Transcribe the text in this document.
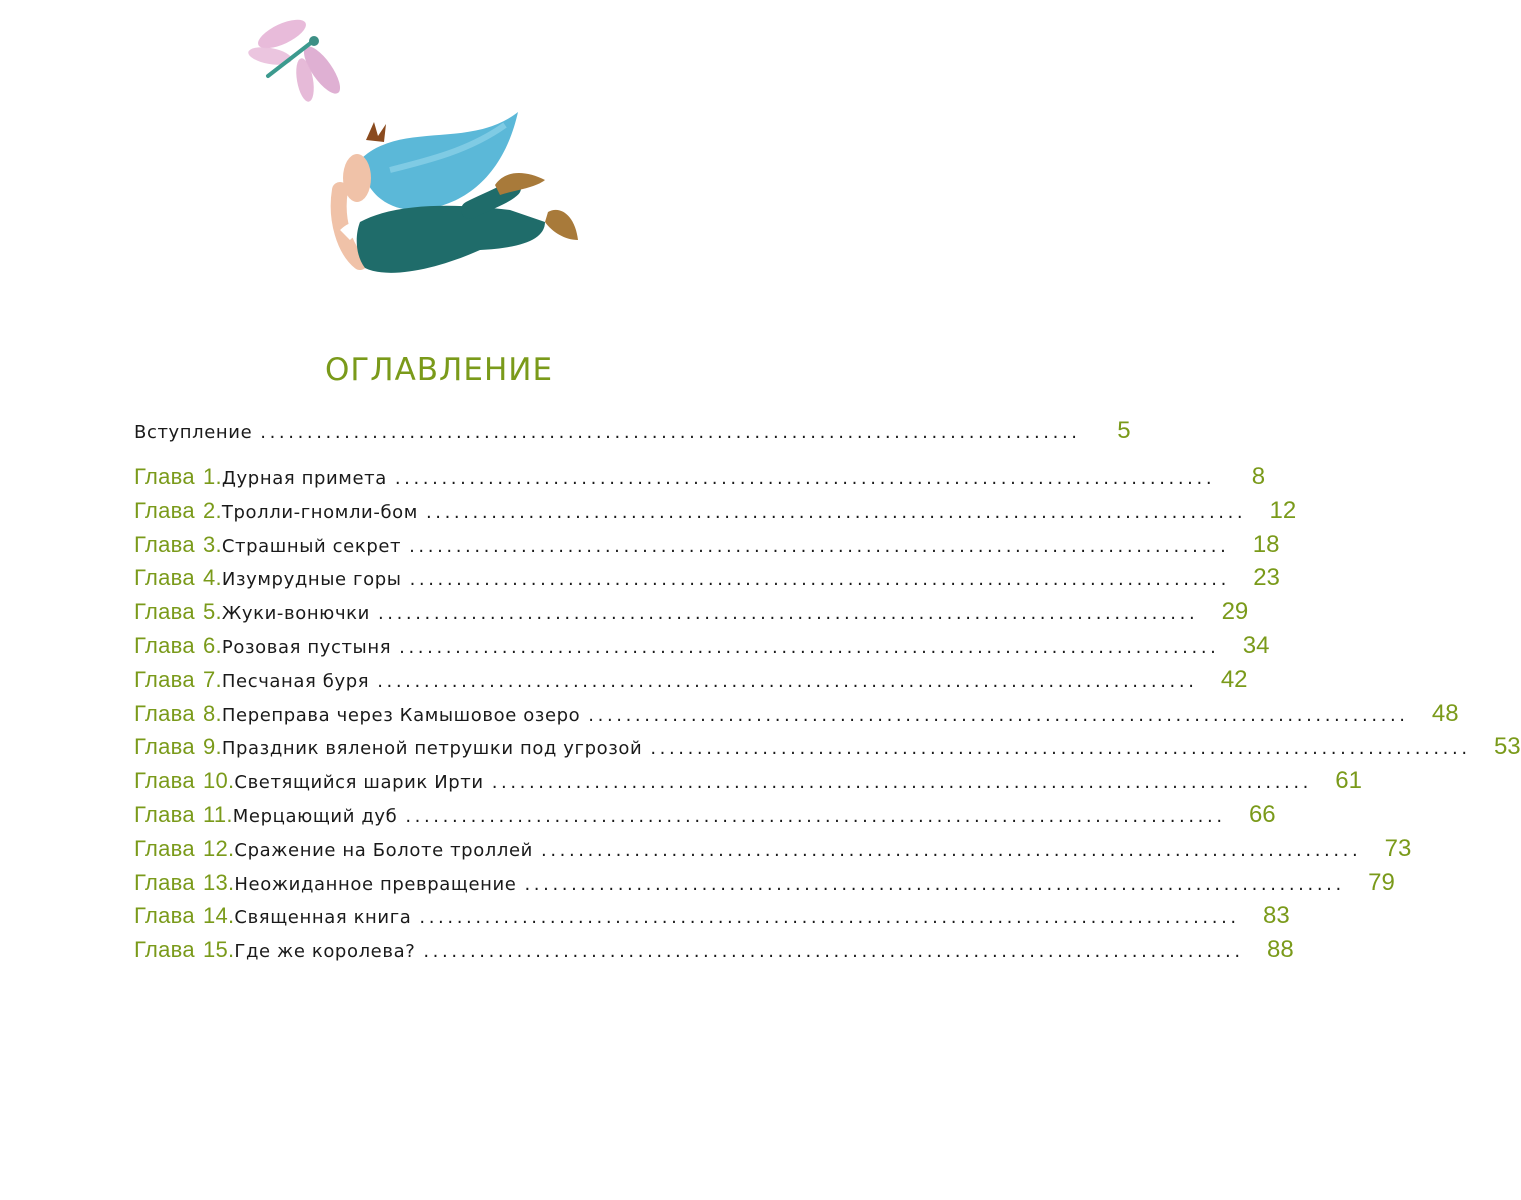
ОГЛАВЛЕНИЕ
Вступление ........................................................................................	5
Глава 1. Дурная примета ........................................................................................	8
Глава 2. Тролли-гномли-бом ........................................................................................ 12
Глава 3. Страшный секрет ........................................................................................ 18
Глава 4. Изумрудные горы ........................................................................................ 23
Глава 5. Жуки-вонючки ........................................................................................ 29
Глава 6. Розовая пустыня ........................................................................................ 34
Глава 7. Песчаная буря ........................................................................................ 42
Глава 8. Переправа через Камышовое озеро ........................................................................................ 48
Глава 9. Праздник вяленой петрушки под угрозой ........................................................................................ 53
Глава 10. Светящийся шарик Ирти ........................................................................................ 61
Глава 11. Мерцающий дуб ........................................................................................ 66
Глава 12. Сражение на Болоте троллей ........................................................................................ 73
Глава 13. Неожиданное превращение ........................................................................................ 79
Глава 14. Священная книга ........................................................................................ 83
Глава 15. Где же королева? ........................................................................................ 88
